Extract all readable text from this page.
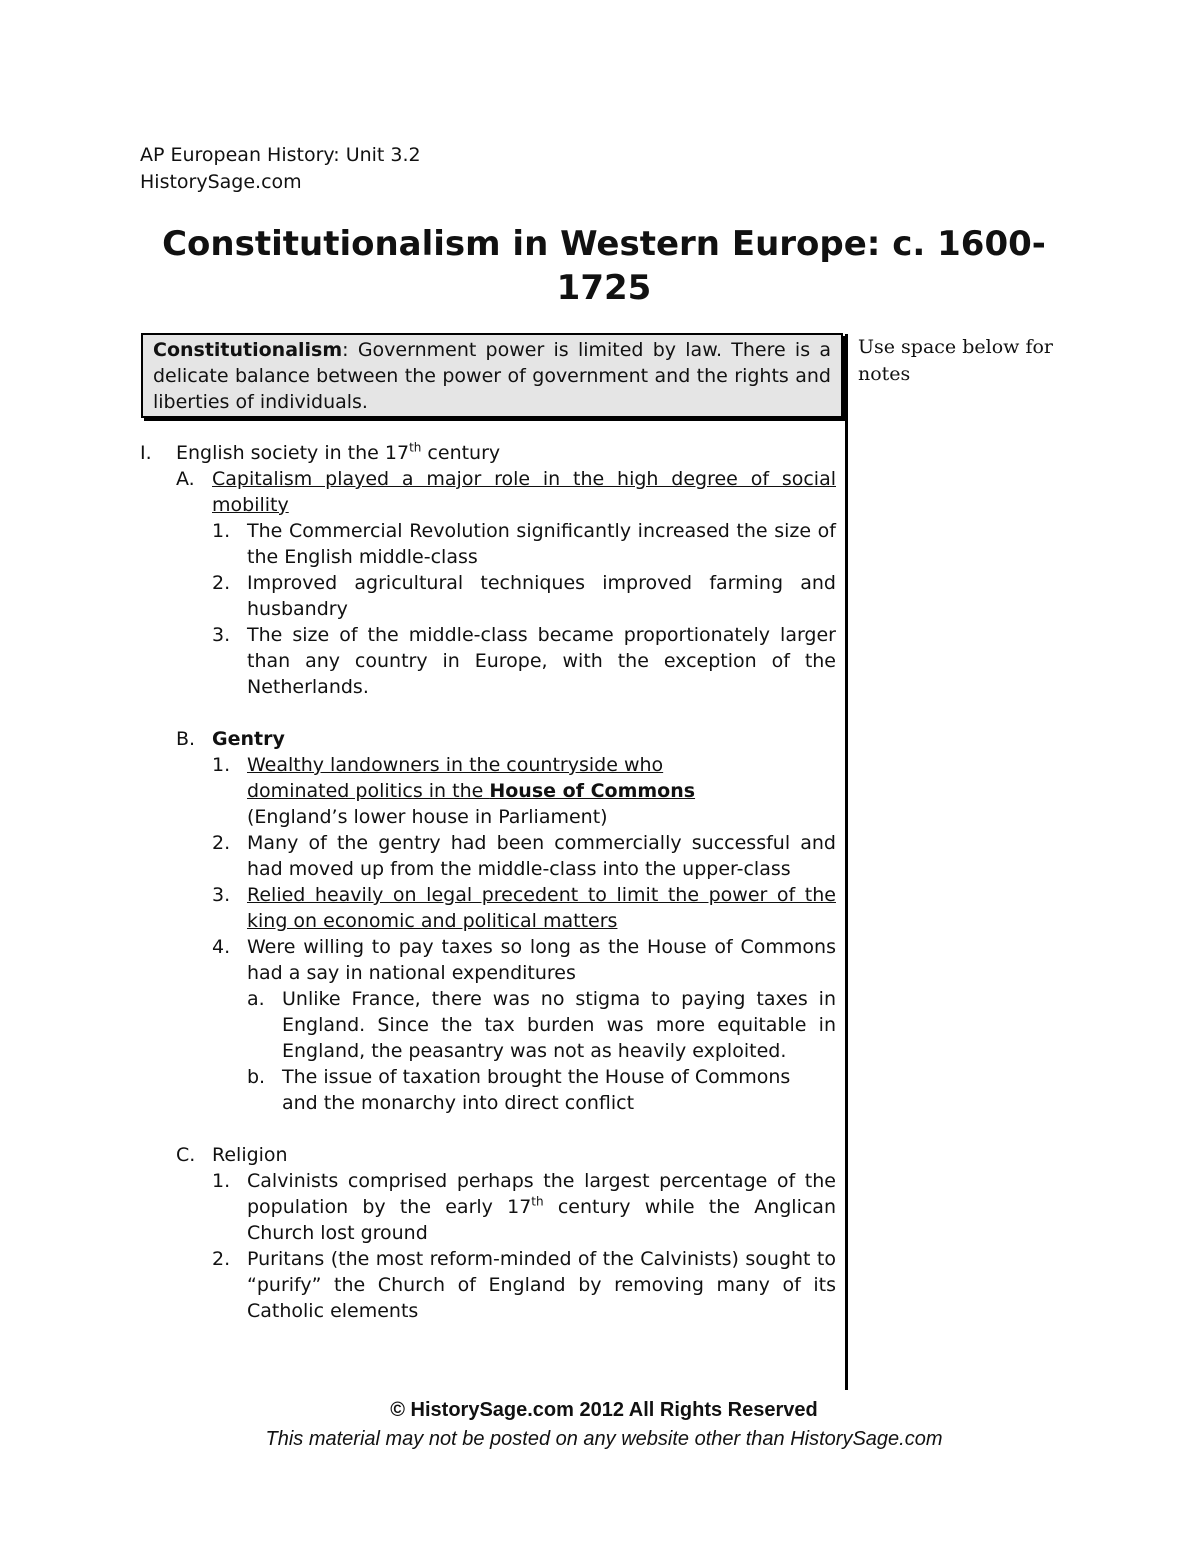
AP European History: Unit 3.2
HistorySage.com
Constitutionalism in Western Europe: c. 1600-1725
Use space below for notes
Constitutionalism: Government power is limited by law. There is a delicate balance between the power of government and the rights and liberties of individuals.
I. English society in the 17th century
A. Capitalism played a major role in the high degree of social mobility
1. The Commercial Revolution significantly increased the size of the English middle-class
2. Improved agricultural techniques improved farming and husbandry
3. The size of the middle-class became proportionately larger than any country in Europe, with the exception of the Netherlands.
B. Gentry
1. Wealthy landowners in the countryside who dominated politics in the House of Commons (England’s lower house in Parliament)
2. Many of the gentry had been commercially successful and had moved up from the middle-class into the upper-class
3. Relied heavily on legal precedent to limit the power of the king on economic and political matters
4. Were willing to pay taxes so long as the House of Commons had a say in national expenditures
a. Unlike France, there was no stigma to paying taxes in England. Since the tax burden was more equitable in England, the peasantry was not as heavily exploited.
b. The issue of taxation brought the House of Commons and the monarchy into direct conflict
C. Religion
1. Calvinists comprised perhaps the largest percentage of the population by the early 17th century while the Anglican Church lost ground
2. Puritans (the most reform-minded of the Calvinists) sought to “purify” the Church of England by removing many of its Catholic elements
© HistorySage.com 2012 All Rights Reserved
This material may not be posted on any website other than HistorySage.com
